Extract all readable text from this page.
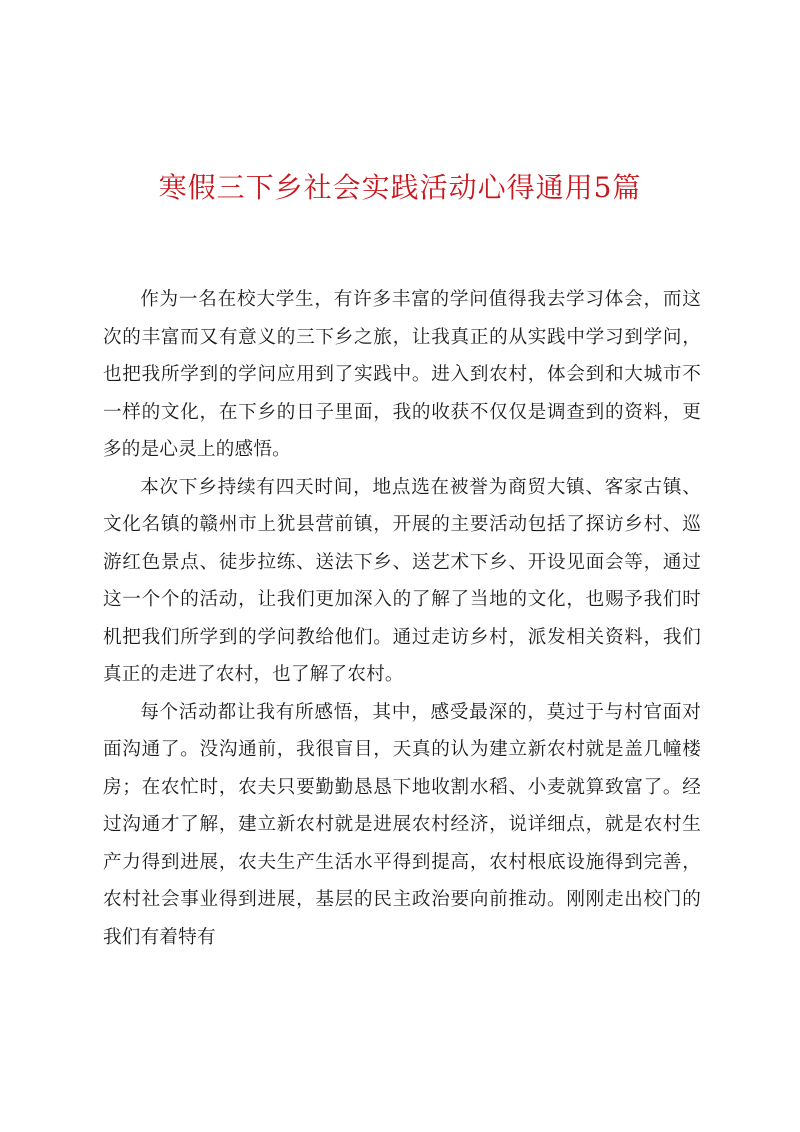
寒假三下乡社会实践活动心得通用5篇

作为一名在校大学生，有许多丰富的学问值得我去学习体会，而这次的丰富而又有意义的三下乡之旅，让我真正的从实践中学习到学问，也把我所学到的学问应用到了实践中。进入到农村，体会到和大城市不一样的文化，在下乡的日子里面，我的收获不仅仅是调查到的资料，更多的是心灵上的感悟。

本次下乡持续有四天时间，地点选在被誉为商贸大镇、客家古镇、文化名镇的赣州市上犹县营前镇，开展的主要活动包括了探访乡村、巡游红色景点、徒步拉练、送法下乡、送艺术下乡、开设见面会等，通过这一个个的活动，让我们更加深入的了解了当地的文化，也赐予我们时机把我们所学到的学问教给他们。通过走访乡村，派发相关资料，我们真正的走进了农村，也了解了农村。

每个活动都让我有所感悟，其中，感受最深的，莫过于与村官面对面沟通了。没沟通前，我很盲目，天真的认为建立新农村就是盖几幢楼房；在农忙时，农夫只要勤勤恳恳下地收割水稻、小麦就算致富了。经过沟通才了解，建立新农村就是进展农村经济，说详细点，就是农村生产力得到进展，农夫生产生活水平得到提高，农村根底设施得到完善，农村社会事业得到进展，基层的民主政治要向前推动。刚刚走出校门的我们有着特有
